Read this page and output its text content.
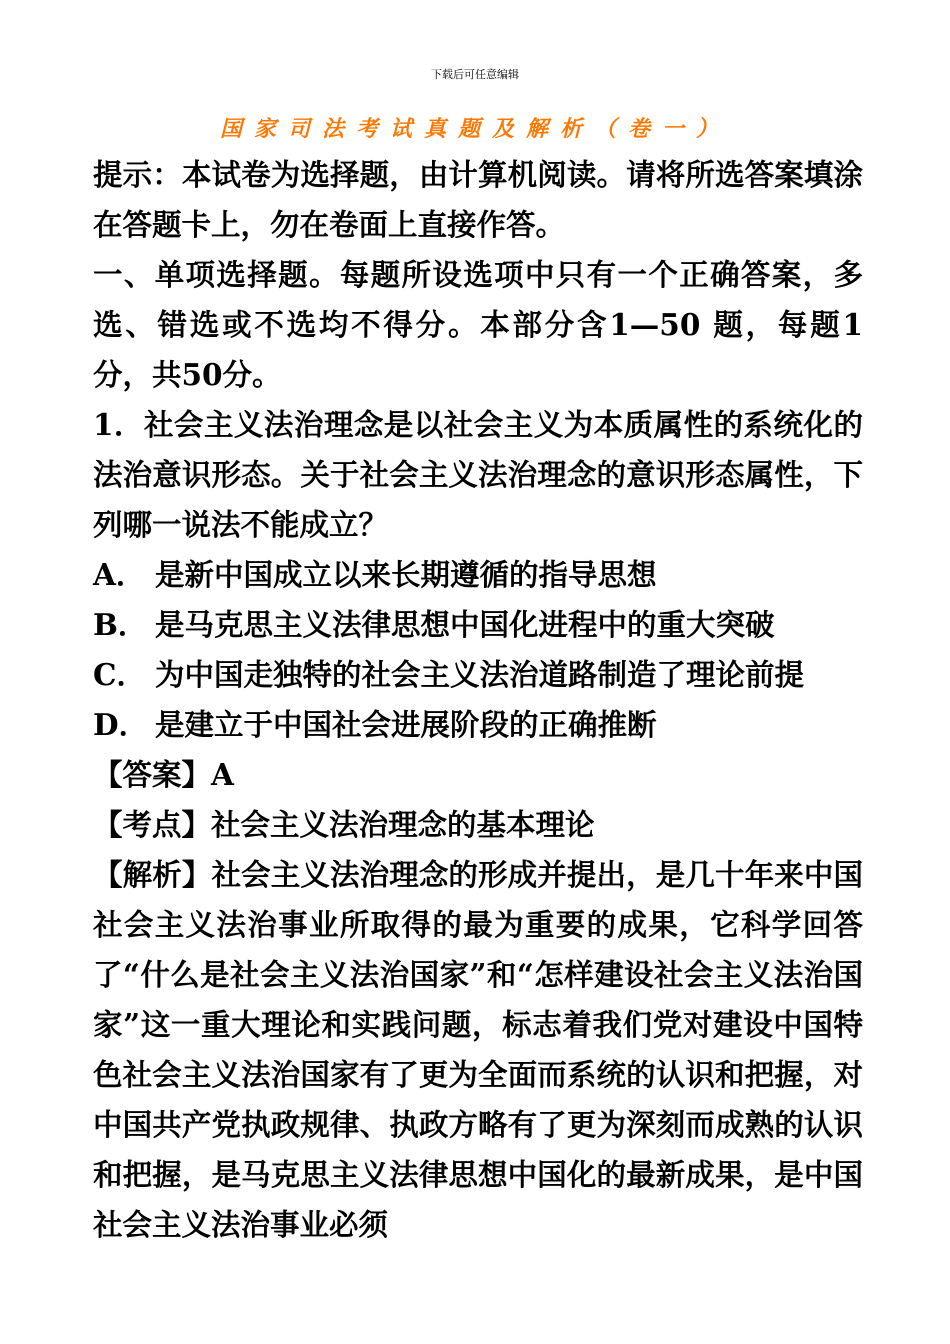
下载后可任意编辑
国家司法考试真题及解析（卷一）

提示：本试卷为选择题，由计算机阅读。请将所选答案填涂在答题卡上，勿在卷面上直接作答。

一、单项选择题。每题所设选项中只有一个正确答案，多选、错选或不选均不得分。本部分含1—50 题，每题1 分，共50分。

1．社会主义法治理念是以社会主义为本质属性的系统化的法治意识形态。关于社会主义法治理念的意识形态属性，下列哪一说法不能成立？

A． 是新中国成立以来长期遵循的指导思想

B． 是马克思主义法律思想中国化进程中的重大突破

C． 为中国走独特的社会主义法治道路制造了理论前提

D． 是建立于中国社会进展阶段的正确推断

【答案】A

【考点】社会主义法治理念的基本理论

【解析】社会主义法治理念的形成并提出，是几十年来中国社会主义法治事业所取得的最为重要的成果，它科学回答了“什么是社会主义法治国家”和“怎样建设社会主义法治国家”这一重大理论和实践问题，标志着我们党对建设中国特色社会主义法治国家有了更为全面而系统的认识和把握，对中国共产党执政规律、执政方略有了更为深刻而成熟的认识和把握，是马克思主义法律思想中国化的最新成果，是中国社会主义法治事业必须
